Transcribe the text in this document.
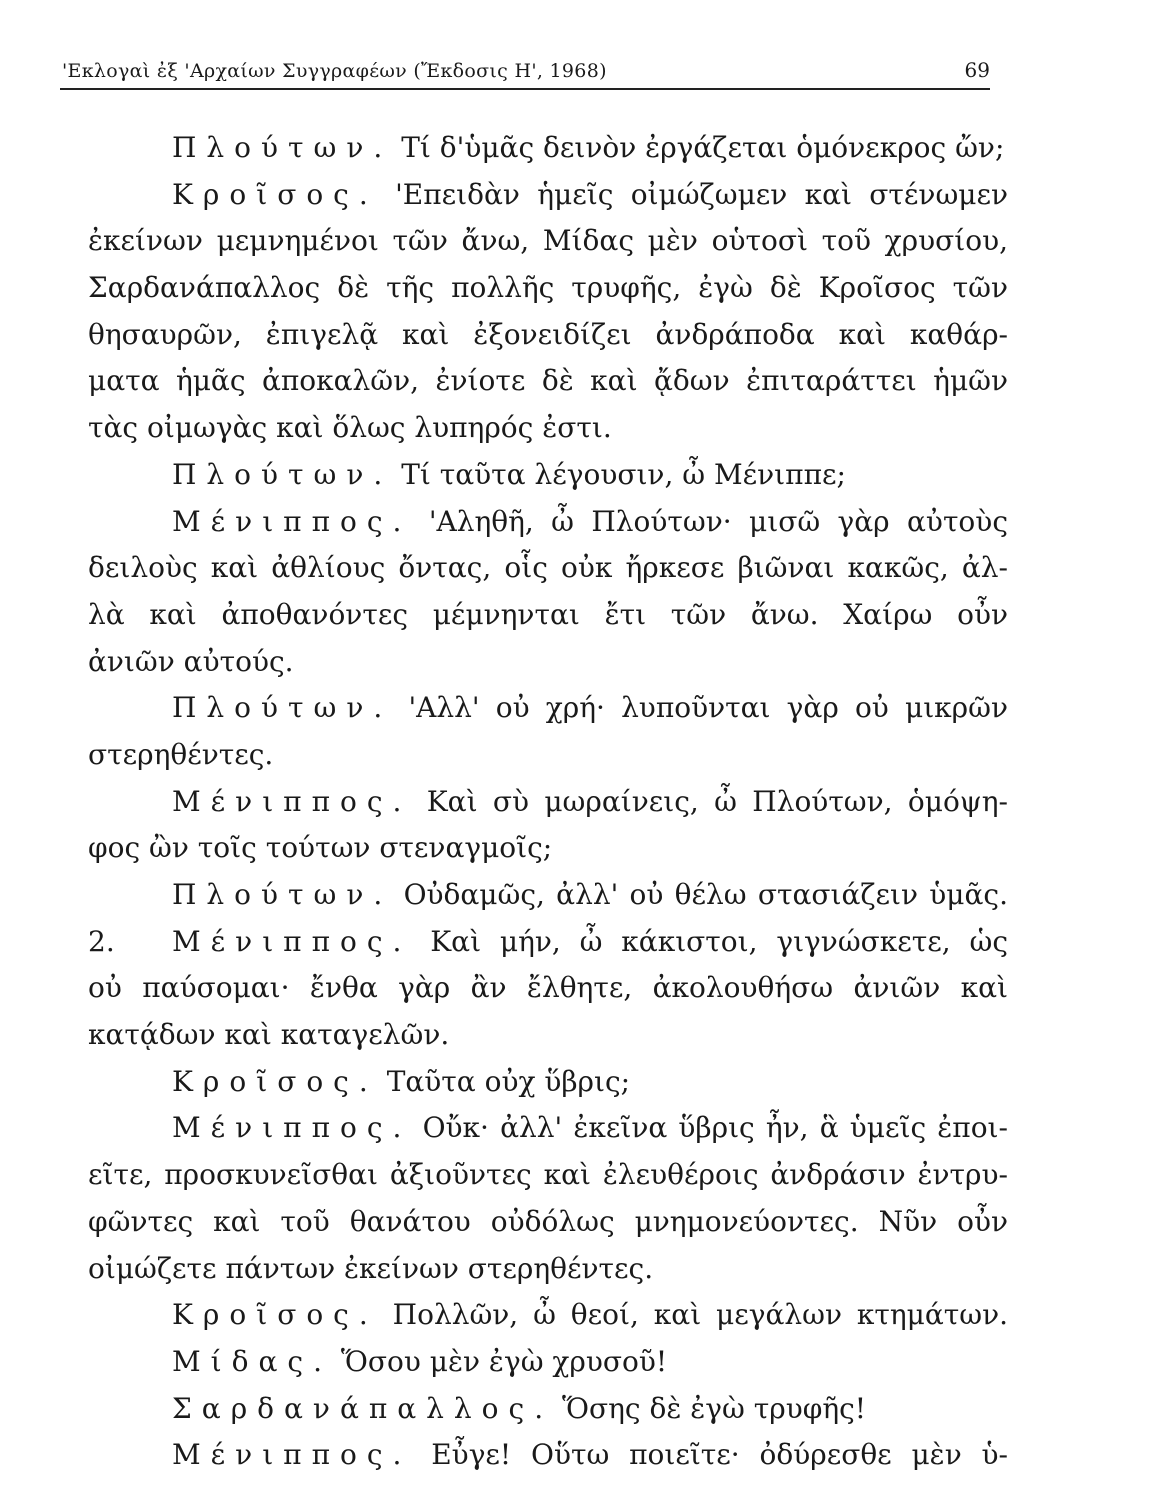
'Εκλογαὶ ἐξ 'Αρχαίων Συγγραφέων (Ἔκδοσις Η', 1968)	69
Πλούτων. Τί δ'ὑμᾶς δεινὸν ἐργάζεται ὁμόνεκρος ὤν;
Κροῖσος. 'Επειδὰν ἡμεῖς οἰμώζωμεν καὶ στένωμεν
ἐκείνων μεμνημένοι τῶν ἄνω, Μίδας μὲν οὑτοσὶ τοῦ χρυσίου,
Σαρδανάπαλλος δὲ τῆς πολλῆς τρυφῆς, ἐγὼ δὲ Κροῖσος τῶν
θησαυρῶν, ἐπιγελᾷ καὶ ἐξονειδίζει ἀνδράποδα καὶ καθάρ-
ματα ἡμᾶς ἀποκαλῶν, ἐνίοτε δὲ καὶ ᾄδων ἐπιταράττει ἡμῶν
τὰς οἰμωγὰς καὶ ὅλως λυπηρός ἐστι.
Πλούτων. Τί ταῦτα λέγουσιν, ὦ Μένιππε;
Μένιππος. 'Αληθῆ, ὦ Πλούτων· μισῶ γὰρ αὐτοὺς
δειλοὺς καὶ ἀθλίους ὄντας, οἷς οὐκ ἤρκεσε βιῶναι κακῶς, ἀλ-
λὰ καὶ ἀποθανόντες μέμνηνται ἔτι τῶν ἄνω. Χαίρω οὖν
ἀνιῶν αὐτούς.
Πλούτων. 'Αλλ' οὐ χρή· λυποῦνται γὰρ οὐ μικρῶν
στερηθέντες.
Μένιππος. Καὶ σὺ μωραίνεις, ὦ Πλούτων, ὁμόψη-
φος ὢν τοῖς τούτων στεναγμοῖς;
Πλούτων. Οὐδαμῶς, ἀλλ' οὐ θέλω στασιάζειν ὑμᾶς.
2. Μένιππος. Καὶ μήν, ὦ κάκιστοι, γιγνώσκετε, ὡς
οὐ παύσομαι· ἔνθα γὰρ ἂν ἔλθητε, ἀκολουθήσω ἀνιῶν καὶ
κατᾴδων καὶ καταγελῶν.
Κροῖσος. Ταῦτα οὐχ ὕβρις;
Μένιππος. Οὔκ· ἀλλ' ἐκεῖνα ὕβρις ἦν, ἃ ὑμεῖς ἐποι-
εῖτε, προσκυνεῖσθαι ἀξιοῦντες καὶ ἐλευθέροις ἀνδράσιν ἐντρυ-
φῶντες καὶ τοῦ θανάτου οὐδόλως μνημονεύοντες. Νῦν οὖν
οἰμώζετε πάντων ἐκείνων στερηθέντες.
Κροῖσος. Πολλῶν, ὦ θεοί, καὶ μεγάλων κτημάτων.
Μίδας. Ὅσου μὲν ἐγὼ χρυσοῦ!
Σαρδανάπαλλος. Ὅσης δὲ ἐγὼ τρυφῆς!
Μένιππος. Εὖγε! Οὕτω ποιεῖτε· ὀδύρεσθε μὲν ὑ-
